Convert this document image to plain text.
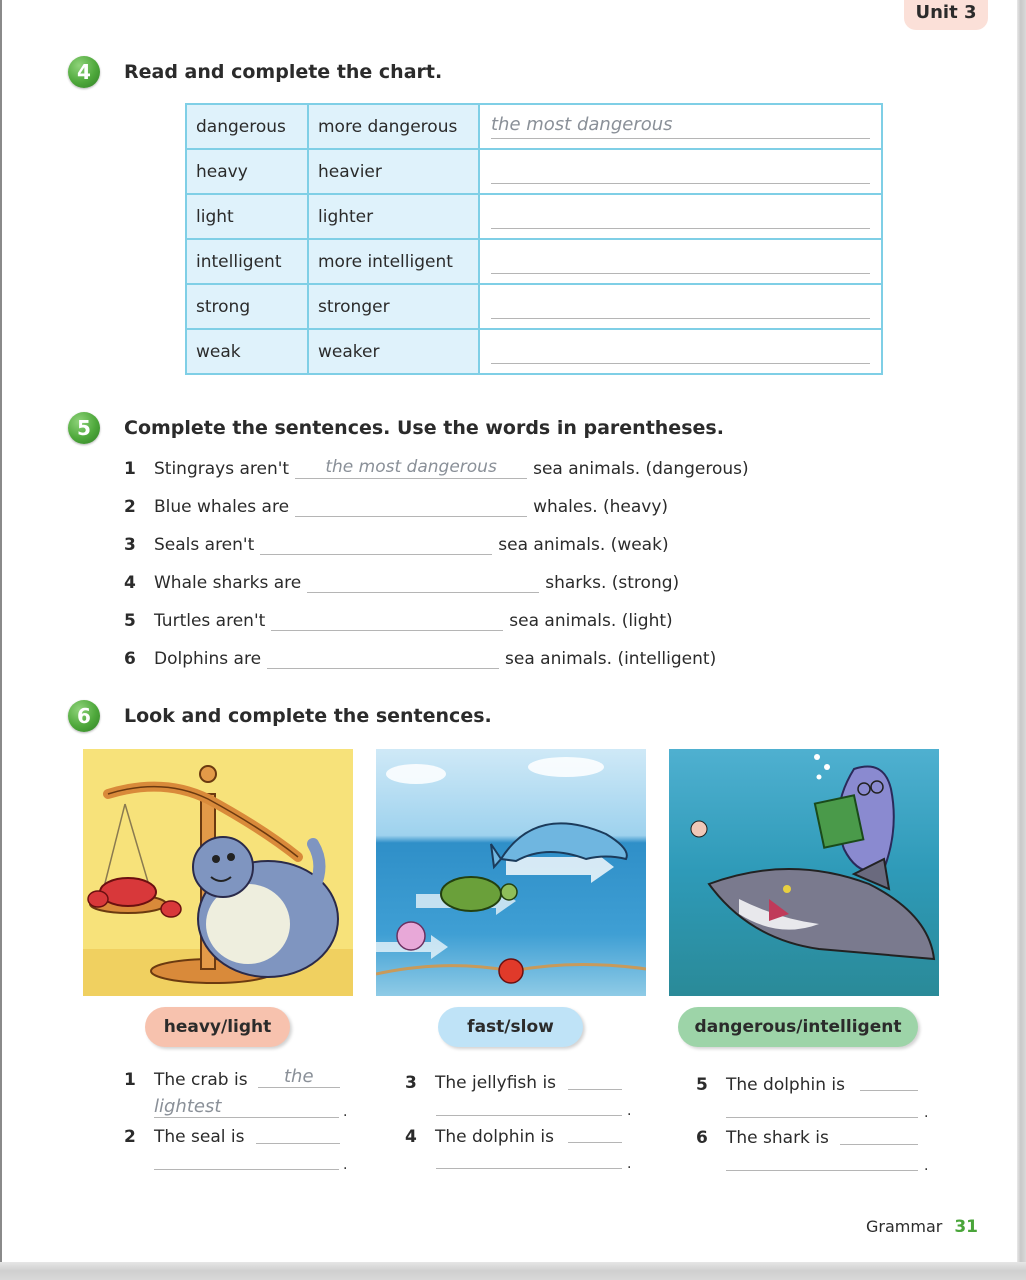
Unit 3
4	Read and complete the chart.
dangerous	more dangerous	the most dangerous

heavy	heavier	

light	lighter	

intelligent	more intelligent	

strong	stronger	

weak	weaker	
5	Complete the sentences. Use the words in parentheses.
1	Stingrays aren't	the most dangerous	sea animals. (dangerous)
2	Blue whales are	whales. (heavy)
3	Seals aren't	sea animals. (weak)
4	Whale sharks are	sharks. (strong)
5	Turtles aren't	sea animals. (light)
6	Dolphins are	sea animals. (intelligent)
6	Look and complete the sentences.
heavy/light	fast/slow	dangerous/intelligent
1 The crab is the
lightest	.
2 The seal is
.
3 The jellyfish is
.
4 The dolphin is
.
5 The dolphin is
.
6 The shark is
.
Grammar 31
